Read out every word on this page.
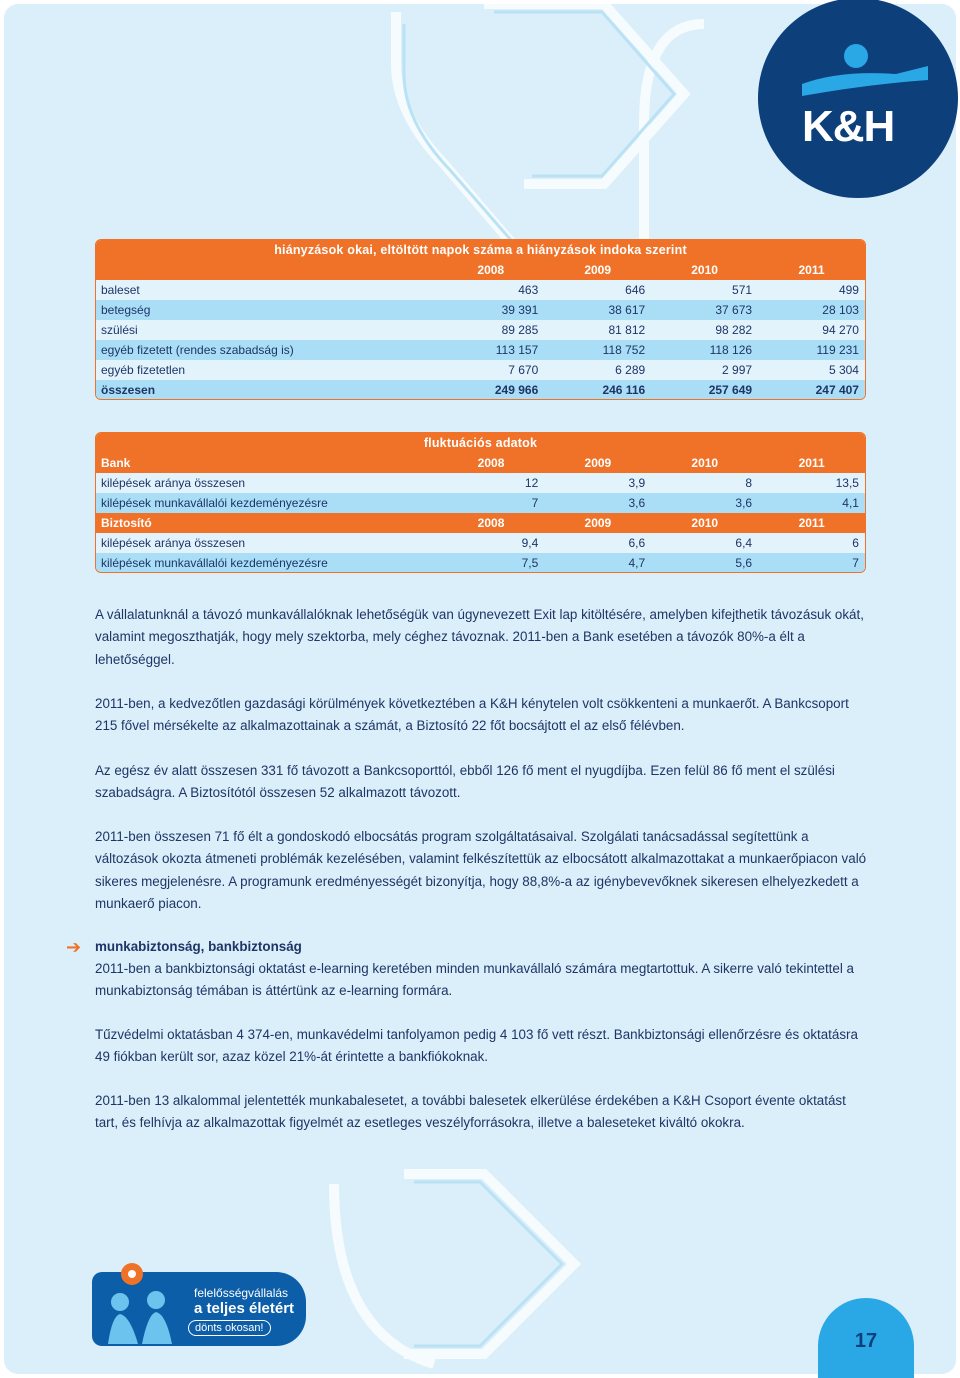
K&H
hiányzások okai, eltöltött napok száma a hiányzások indoka szerint
2008	2009	2010	2011
baleset	463	646	571	499
betegség	39 391	38 617	37 673	28 103
szülési	89 285	81 812	98 282	94 270
egyéb fizetett (rendes szabadság is)	113 157	118 752	118 126	119 231
egyéb fizetetlen	7 670	6 289	2 997	5 304
összesen	249 966	246 116	257 649	247 407
fluktuációs adatok
Bank	2008	2009	2010	2011
kilépések aránya összesen	12	3,9	8	13,5
kilépések munkavállalói kezdeményezésre	7	3,6	3,6	4,1
Biztosító	2008	2009	2010	2011
kilépések aránya összesen	9,4	6,6	6,4	6
kilépések munkavállalói kezdeményezésre	7,5	4,7	5,6	7

A vállalatunknál a távozó munkavállalóknak lehetőségük van úgynevezett Exit lap kitöltésére, amelyben kifejthetik távozásuk okát, valamint megoszthatják, hogy mely szektorba, mely céghez távoznak. 2011-ben a Bank esetében a távozók 80%-a élt a lehetőséggel.

2011-ben, a kedvezőtlen gazdasági körülmények következtében a K&H kénytelen volt csökkenteni a munkaerőt. A Bankcsoport 215 fővel mérsékelte az alkalmazottainak a számát, a Biztosító 22 főt bocsájtott el az első félévben.

Az egész év alatt összesen 331 fő távozott a Bankcsoporttól, ebből 126 fő ment el nyugdíjba. Ezen felül 86 fő ment el szülési szabadságra. A Biztosítótól összesen 52 alkalmazott távozott.

2011-ben összesen 71 fő élt a gondoskodó elbocsátás program szolgáltatásaival. Szolgálati tanácsadással segítettünk a változások okozta átmeneti problémák kezelésében, valamint felkészítettük az elbocsátott alkalmazottakat a munkaerőpiacon való sikeres megjelenésre. A programunk eredményességét bizonyítja, hogy 88,8%-a az igénybevevőknek sikeresen elhelyezkedett a munkaerő piacon.

➔ munkabiztonság, bankbiztonság

2011-ben a bankbiztonsági oktatást e-learning keretében minden munkavállaló számára megtartottuk. A sikerre való tekintettel a munkabiztonság témában is áttértünk az e-learning formára.

Tűzvédelmi oktatásban 4 374-en, munkavédelmi tanfolyamon pedig 4 103 fő vett részt. Bankbiztonsági ellenőrzésre és oktatásra 49 fiókban került sor, azaz közel 21%-át érintette a bankfiókoknak.

2011-ben 13 alkalommal jelentették munkabalesetet, a további balesetek elkerülése érdekében a K&H Csoport évente oktatást tart, és felhívja az alkalmazottak figyelmét az esetleges veszélyforrásokra, illetve a baleseteket kiváltó okokra.

felelősségvállalás
a teljes életért
dönts okosan!
17
